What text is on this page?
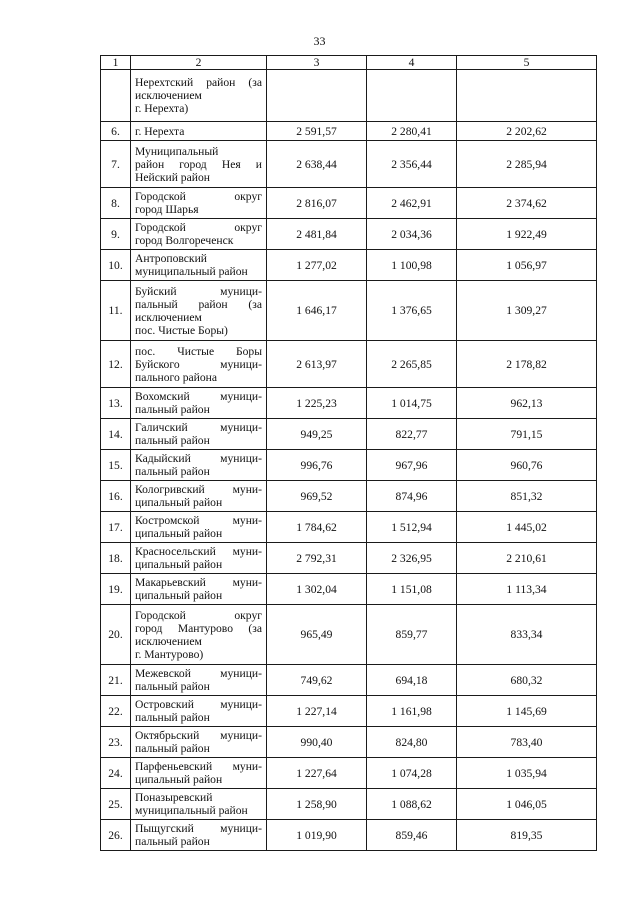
33
1	2	3	4	5

	Нерехтский район (за
исключением
г. Нерехта)			

6.	г. Нерехта	2 591,57	2 280,41	2 202,62
7.	Муниципальный
район город Нея и
Нейский район	2 638,44	2 356,44	2 285,94
8.	Городской округ
город Шарья	2 816,07	2 462,91	2 374,62
9.	Городской округ
город Волгореченск	2 481,84	2 034,36	1 922,49
10.	Антроповский
муниципальный район	1 277,02	1 100,98	1 056,97
11.	Буйский муници-
пальный район (за
исключением
пос. Чистые Боры)	1 646,17	1 376,65	1 309,27
12.	пос. Чистые Боры
Буйского муници-
пального района	2 613,97	2 265,85	2 178,82
13.	Вохомский муници-
пальный район	1 225,23	1 014,75	962,13
14.	Галичский муници-
пальный район	949,25	822,77	791,15
15.	Кадыйский муници-
пальный район	996,76	967,96	960,76
16.	Кологривский муни-
ципальный район	969,52	874,96	851,32
17.	Костромской муни-
ципальный район	1 784,62	1 512,94	1 445,02
18.	Красносельский муни-
ципальный район	2 792,31	2 326,95	2 210,61
19.	Макарьевский муни-
ципальный район	1 302,04	1 151,08	1 113,34
20.	Городской округ
город Мантурово (за
исключением
г. Мантурово)	965,49	859,77	833,34
21.	Межевской муници-
пальный район	749,62	694,18	680,32
22.	Островский муници-
пальный район	1 227,14	1 161,98	1 145,69
23.	Октябрьский муници-
пальный район	990,40	824,80	783,40
24.	Парфеньевский муни-
ципальный район	1 227,64	1 074,28	1 035,94
25.	Поназыревский
муниципальный район	1 258,90	1 088,62	1 046,05
26.	Пыщугский муници-
пальный район	1 019,90	859,46	819,35
